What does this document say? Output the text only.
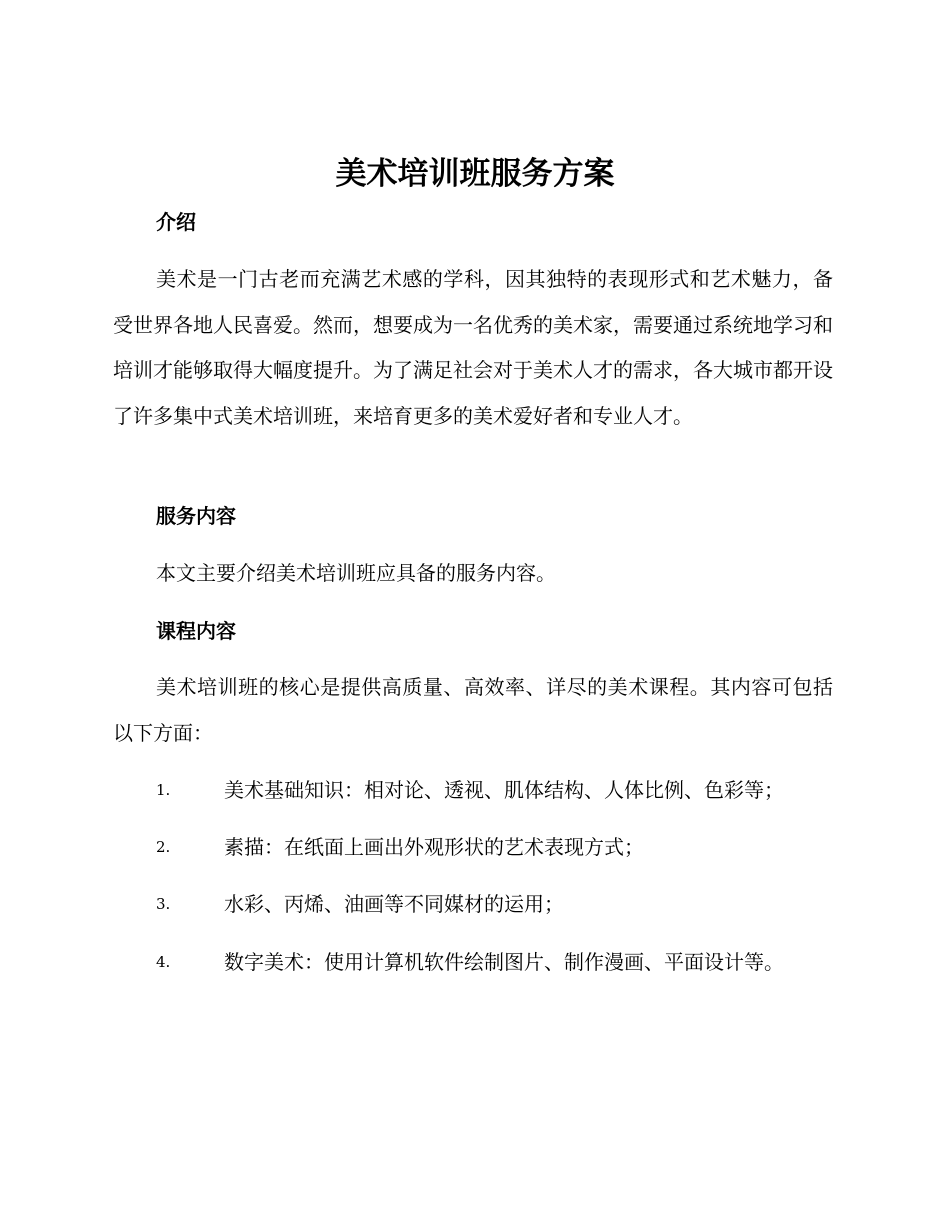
美术培训班服务方案
介绍

美术是一门古老而充满艺术感的学科，因其独特的表现形式和艺术魅力，备受世界各地人民喜爱。然而，想要成为一名优秀的美术家，需要通过系统地学习和培训才能够取得大幅度提升。为了满足社会对于美术人才的需求，各大城市都开设了许多集中式美术培训班，来培育更多的美术爱好者和专业人才。

服务内容

本文主要介绍美术培训班应具备的服务内容。

课程内容

美术培训班的核心是提供高质量、高效率、详尽的美术课程。其内容可包括以下方面：

1.	美术基础知识：相对论、透视、肌体结构、人体比例、色彩等；
2.	素描：在纸面上画出外观形状的艺术表现方式；
3.	水彩、丙烯、油画等不同媒材的运用；
4.	数字美术：使用计算机软件绘制图片、制作漫画、平面设计等。
